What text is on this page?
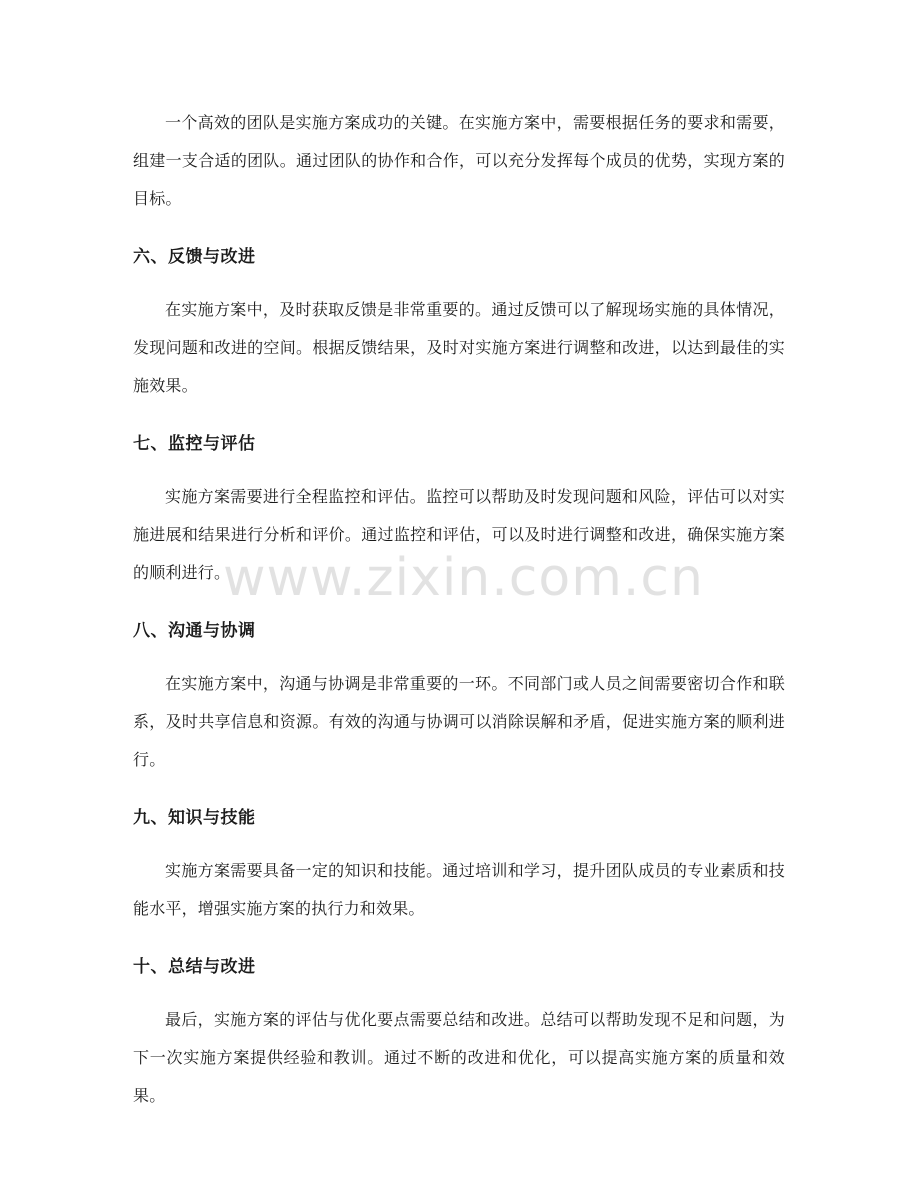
一个高效的团队是实施方案成功的关键。在实施方案中，需要根据任务的要求和需要，组建一支合适的团队。通过团队的协作和合作，可以充分发挥每个成员的优势，实现方案的目标。

六、反馈与改进

在实施方案中，及时获取反馈是非常重要的。通过反馈可以了解现场实施的具体情况，发现问题和改进的空间。根据反馈结果，及时对实施方案进行调整和改进，以达到最佳的实施效果。

七、监控与评估

实施方案需要进行全程监控和评估。监控可以帮助及时发现问题和风险，评估可以对实施进展和结果进行分析和评价。通过监控和评估，可以及时进行调整和改进，确保实施方案的顺利进行。

八、沟通与协调

在实施方案中，沟通与协调是非常重要的一环。不同部门或人员之间需要密切合作和联系，及时共享信息和资源。有效的沟通与协调可以消除误解和矛盾，促进实施方案的顺利进行。

九、知识与技能

实施方案需要具备一定的知识和技能。通过培训和学习，提升团队成员的专业素质和技能水平，增强实施方案的执行力和效果。

十、总结与改进

最后，实施方案的评估与优化要点需要总结和改进。总结可以帮助发现不足和问题，为下一次实施方案提供经验和教训。通过不断的改进和优化，可以提高实施方案的质量和效果。

www.zixin.com.cn
